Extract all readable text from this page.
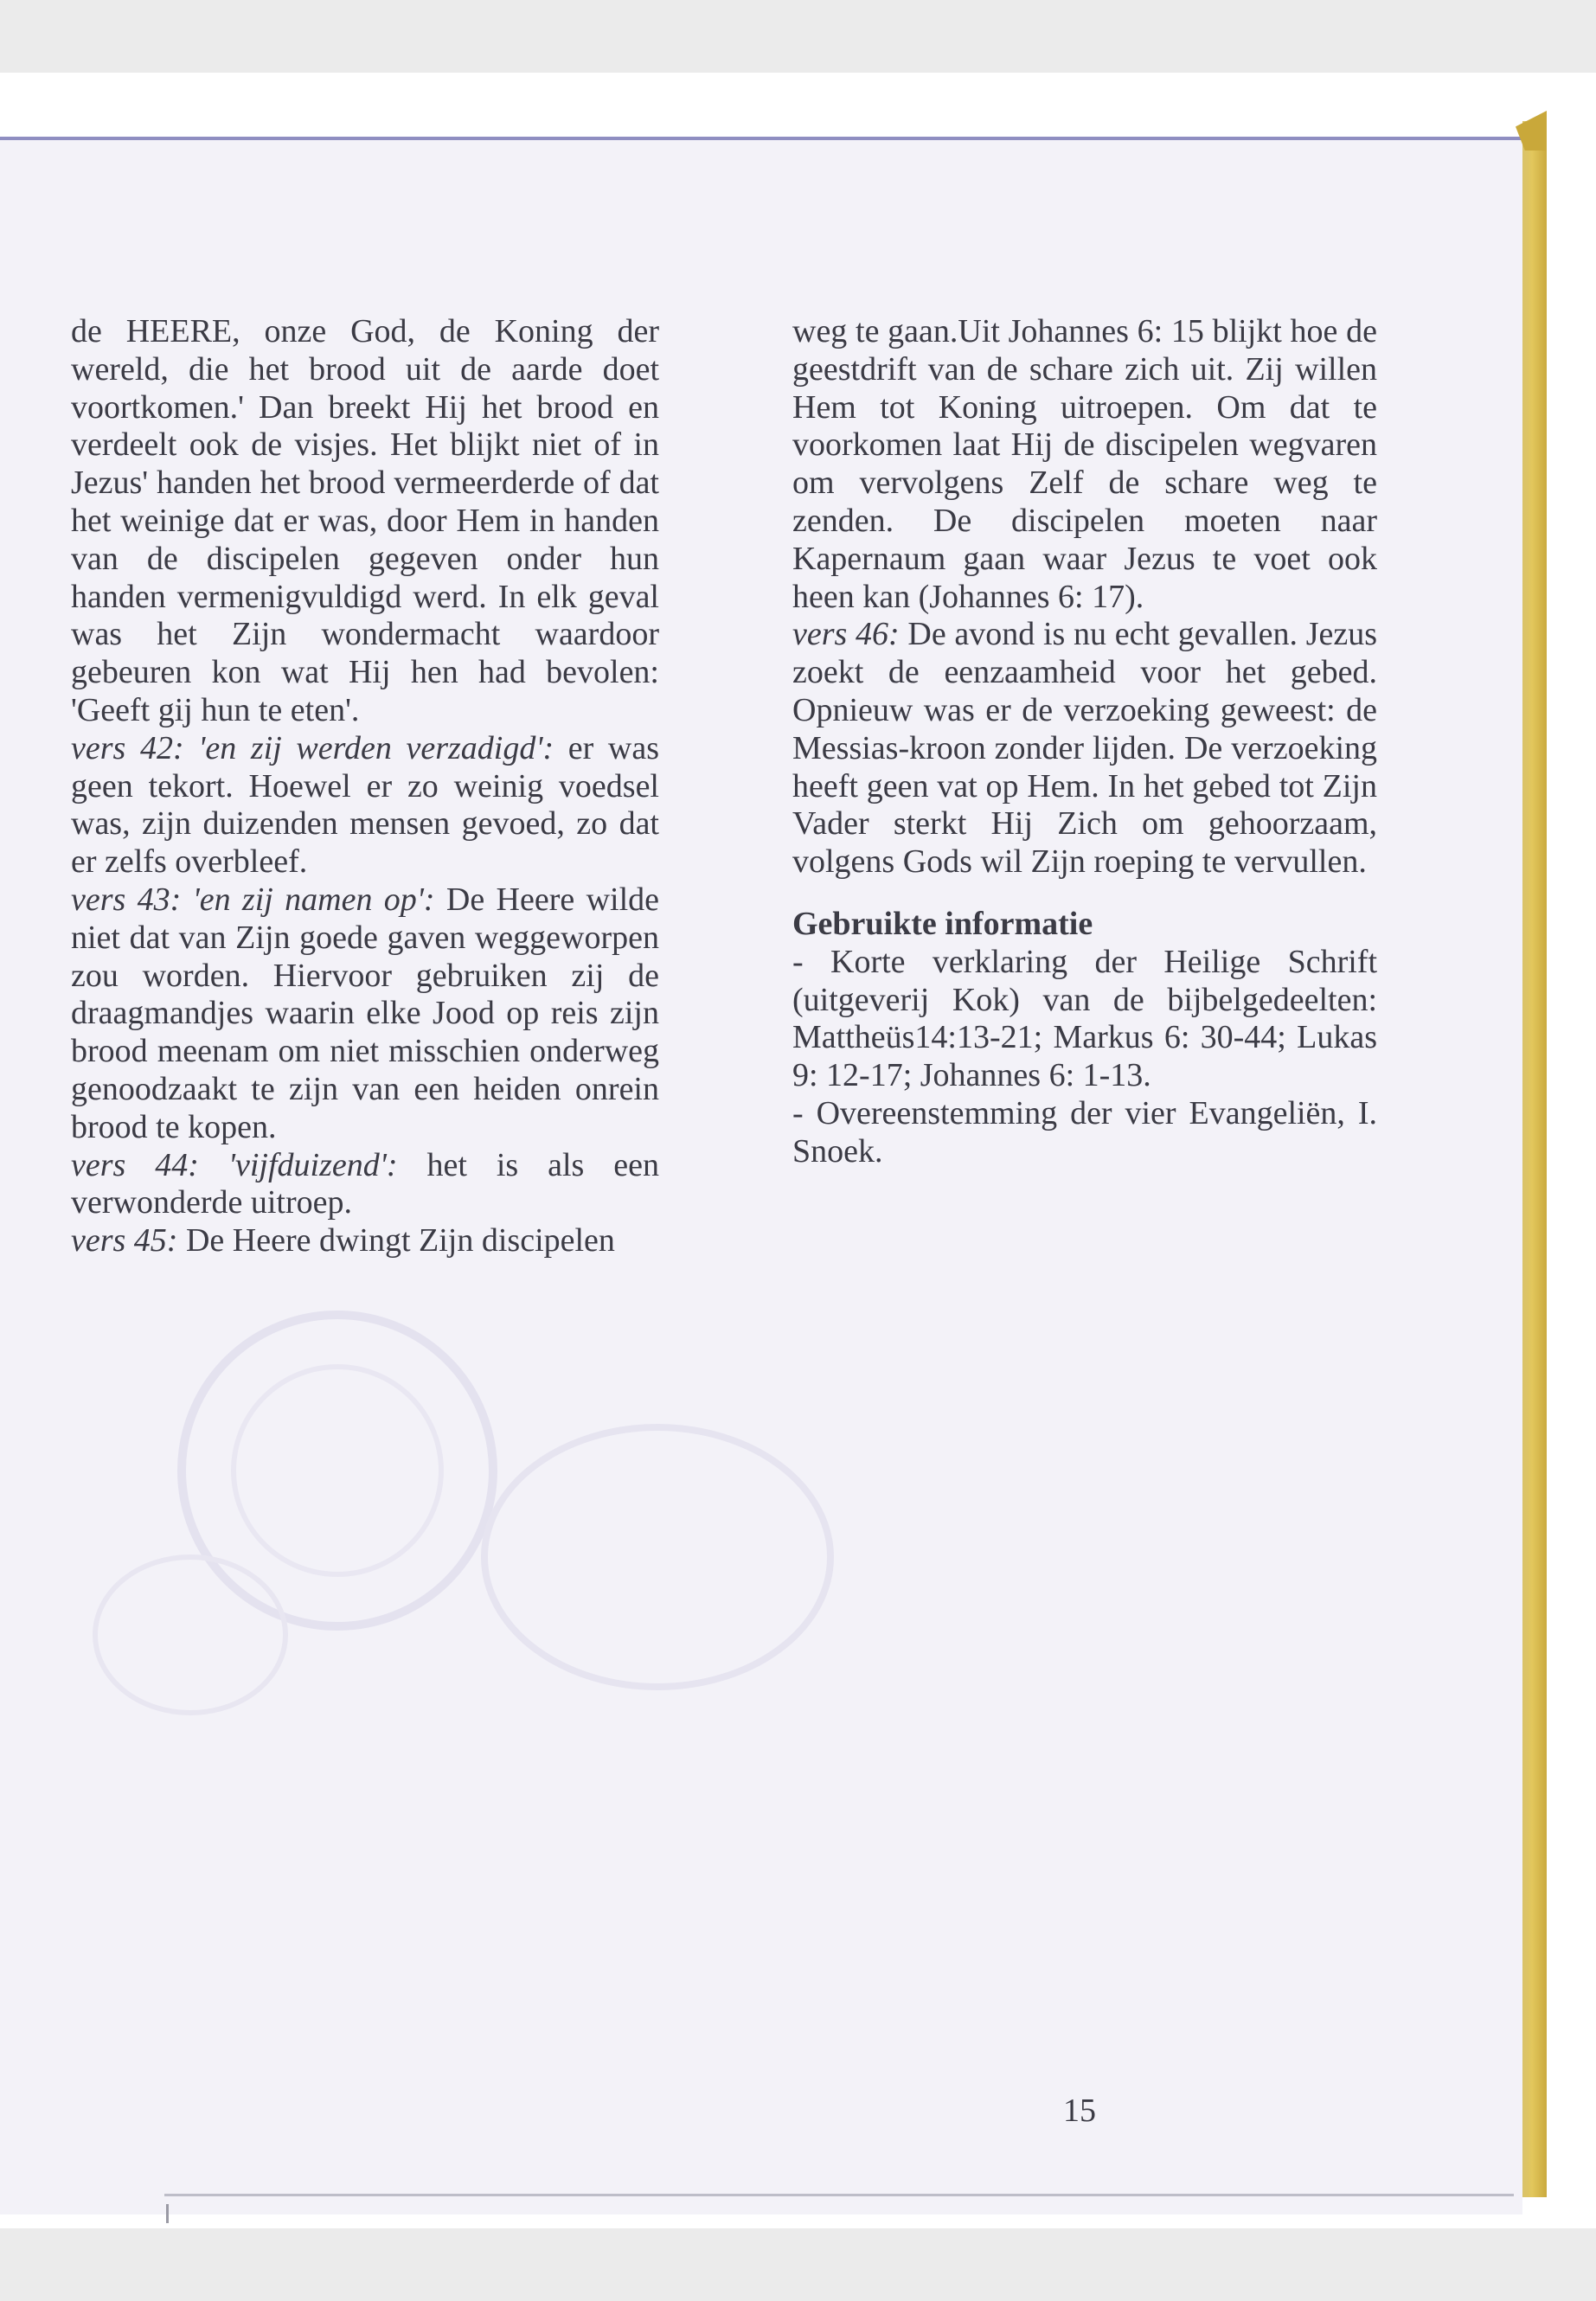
de HEERE, onze God, de Koning der wereld, die het brood uit de aarde doet voortkomen.' Dan breekt Hij het brood en verdeelt ook de visjes. Het blijkt niet of in Jezus' handen het brood vermeerderde of dat het weinige dat er was, door Hem in handen van de discipelen gegeven onder hun handen vermenigvuldigd werd. In elk geval was het Zijn wondermacht waardoor gebeuren kon wat Hij hen had bevolen: 'Geeft gij hun te eten'.

vers 42: 'en zij werden verzadigd': er was geen tekort. Hoewel er zo weinig voedsel was, zijn duizenden mensen gevoed, zo dat er zelfs overbleef.

vers 43: 'en zij namen op': De Heere wilde niet dat van Zijn goede gaven weggeworpen zou worden. Hiervoor gebruiken zij de draagmandjes waarin elke Jood op reis zijn brood meenam om niet misschien onderweg genoodzaakt te zijn van een heiden onrein brood te kopen.

vers 44: 'vijfduizend': het is als een verwonderde uitroep.

vers 45: De Heere dwingt Zijn discipelen

weg te gaan.Uit Johannes 6: 15 blijkt hoe de geestdrift van de schare zich uit. Zij willen Hem tot Koning uitroepen. Om dat te voorkomen laat Hij de discipelen wegvaren om vervolgens Zelf de schare weg te zenden. De discipelen moeten naar Kapernaum gaan waar Jezus te voet ook heen kan (Johannes 6: 17).

vers 46: De avond is nu echt gevallen. Jezus zoekt de eenzaamheid voor het gebed. Opnieuw was er de verzoeking geweest: de Messias-kroon zonder lijden. De verzoeking heeft geen vat op Hem. In het gebed tot Zijn Vader sterkt Hij Zich om gehoorzaam, volgens Gods wil Zijn roeping te vervullen.

Gebruikte informatie

- Korte verklaring der Heilige Schrift (uitgeverij Kok) van de bijbelgedeelten: Mattheüs14:13-21; Markus 6: 30-44; Lukas 9: 12-17; Johannes 6: 1-13.

- Overeenstemming der vier Evangeliën, I. Snoek.

15
